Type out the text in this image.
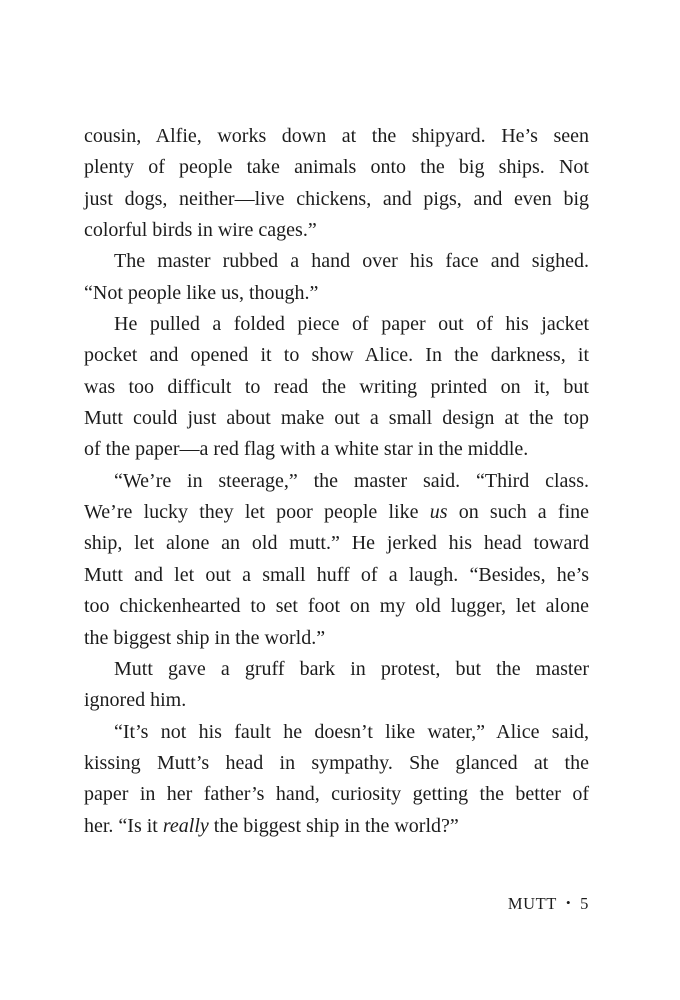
cousin, Alfie, works down at the shipyard. He’s seen
plenty of people take animals onto the big ships. Not
just dogs, neither—live chickens, and pigs, and even big
colorful birds in wire cages.”
The master rubbed a hand over his face and sighed.
“Not people like us, though.”
He pulled a folded piece of paper out of his jacket
pocket and opened it to show Alice. In the darkness, it
was too difficult to read the writing printed on it, but
Mutt could just about make out a small design at the top
of the paper—a red flag with a white star in the middle.
“We’re in steerage,” the master said. “Third class.
We’re lucky they let poor people like us on such a fine
ship, let alone an old mutt.” He jerked his head toward
Mutt and let out a small huff of a laugh. “Besides, he’s
too chickenhearted to set foot on my old lugger, let alone
the biggest ship in the world.”
Mutt gave a gruff bark in protest, but the master
ignored him.
“It’s not his fault he doesn’t like water,” Alice said,
kissing Mutt’s head in sympathy. She glanced at the
paper in her father’s hand, curiosity getting the better of
her. “Is it really the biggest ship in the world?”
MUTT • 5
